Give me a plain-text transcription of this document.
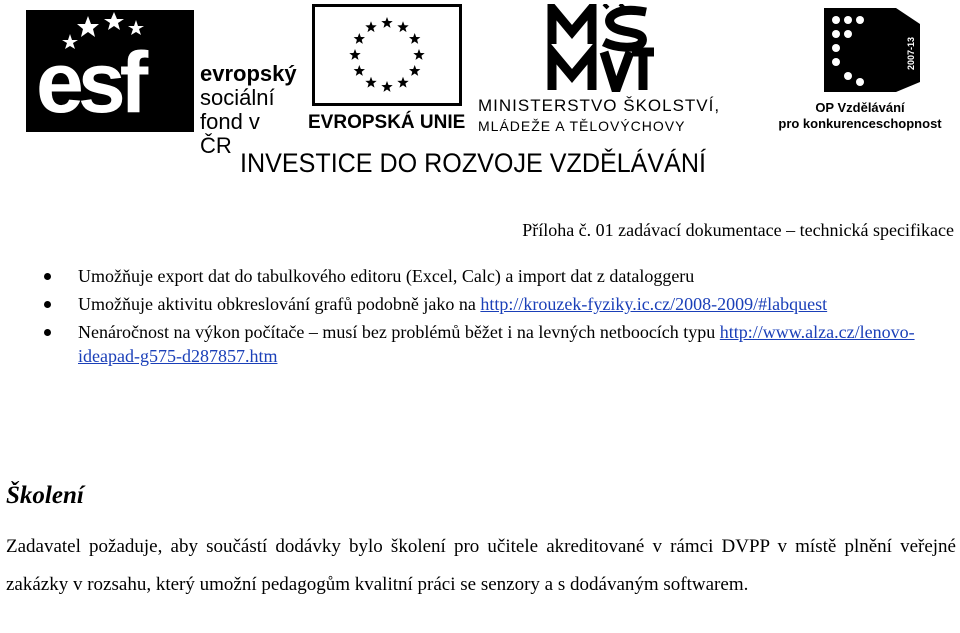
esf	evropský
sociální
fond v ČR
EVROPSKÁ UNIE
MINISTERSTVO ŠKOLSTVÍ,
MLÁDEŽE A TĚLOVÝCHOVY
2007-13
OP Vzdělávání
pro konkurenceschopnost
INVESTICE DO ROZVOJE VZDĚLÁVÁNÍ
Příloha č. 01 zadávací dokumentace – technická specifikace
Umožňuje export dat do tabulkového editoru (Excel, Calc) a import dat z dataloggeru
Umožňuje aktivitu obkreslování grafů podobně jako na http://krouzek-fyziky.ic.cz/2008-2009/#labquest
Nenáročnost na výkon počítače – musí bez problémů běžet i na levných netboocích typu http://www.alza.cz/lenovo-ideapad-g575-d287857.htm
Školení
Zadavatel požaduje, aby součástí dodávky bylo školení pro učitele akreditované v rámci DVPP v místě plnění veřejné zakázky v rozsahu, který umožní pedagogům kvalitní práci se senzory a s dodávaným softwarem.
